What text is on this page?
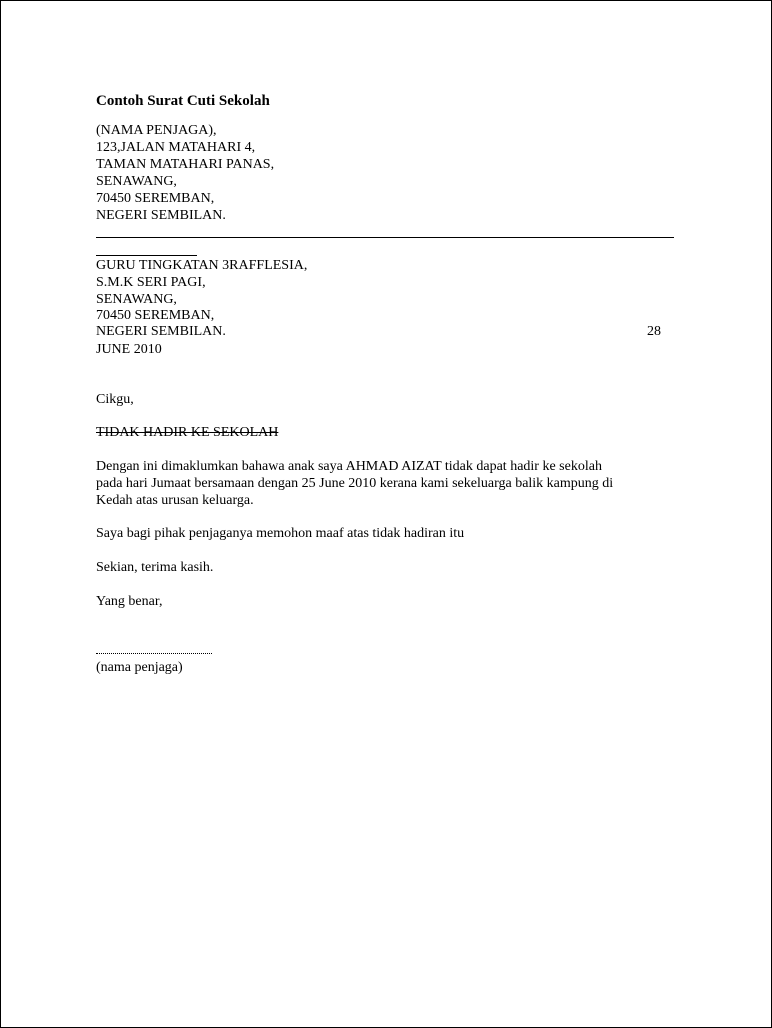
Contoh Surat Cuti Sekolah
(NAMA PENJAGA),
123,JALAN MATAHARI 4,
TAMAN MATAHARI PANAS,
SENAWANG,
70450 SEREMBAN,
NEGERI SEMBILAN.
GURU TINGKATAN 3RAFFLESIA,
S.M.K SERI PAGI,
SENAWANG,
70450 SEREMBAN,
NEGERI SEMBILAN.	28
JUNE 2010
Cikgu,
TIDAK HADIR KE SEKOLAH
Dengan ini dimaklumkan bahawa anak saya AHMAD AIZAT tidak dapat hadir ke sekolah
pada hari Jumaat bersamaan dengan 25 June 2010 kerana kami sekeluarga balik kampung di
Kedah atas urusan keluarga.
Saya bagi pihak penjaganya memohon maaf atas tidak hadiran itu
Sekian, terima kasih.
Yang benar,
(nama penjaga)
